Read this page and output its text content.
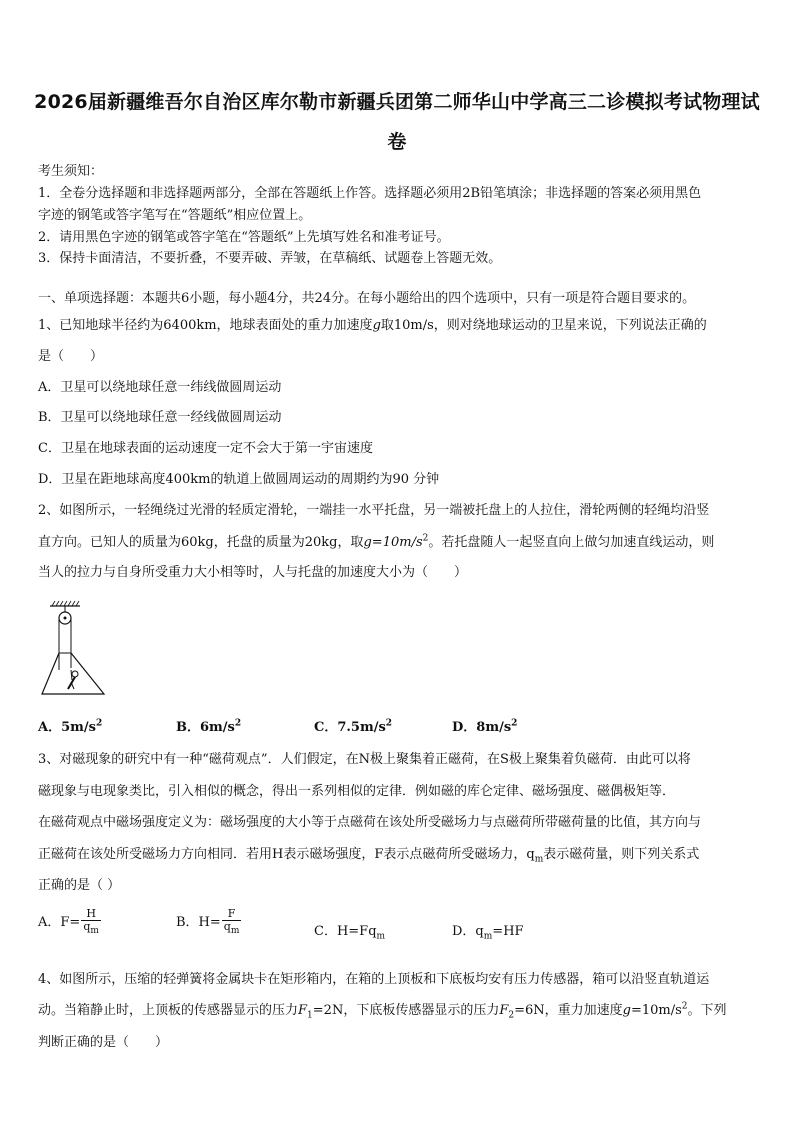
2026届新疆维吾尔自治区库尔勒市新疆兵团第二师华山中学高三二诊模拟考试物理试
卷
考生须知：
1．全卷分选择题和非选择题两部分，全部在答题纸上作答。选择题必须用2B铅笔填涂；非选择题的答案必须用黑色
字迹的钢笔或答字笔写在“答题纸”相应位置上。
2．请用黑色字迹的钢笔或答字笔在“答题纸”上先填写姓名和准考证号。
3．保持卡面清洁，不要折叠，不要弄破、弄皱，在草稿纸、试题卷上答题无效。
一、单项选择题：本题共6小题，每小题4分，共24分。在每小题给出的四个选项中，只有一项是符合题目要求的。
1、已知地球半径约为6400km，地球表面处的重力加速度g取10m/s，则对绕地球运动的卫星来说，下列说法正确的
是（　　）
A．卫星可以绕地球任意一纬线做圆周运动
B．卫星可以绕地球任意一经线做圆周运动
C．卫星在地球表面的运动速度一定不会大于第一宇宙速度
D．卫星在距地球高度400km的轨道上做圆周运动的周期约为90 分钟
2、如图所示，一轻绳绕过光滑的轻质定滑轮，一端挂一水平托盘，另一端被托盘上的人拉住，滑轮两侧的轻绳均沿竖
直方向。已知人的质量为60kg，托盘的质量为20kg，取$g=10m/s^2$。若托盘随人一起竖直向上做匀加速直线运动，则
当人的拉力与自身所受重力大小相等时，人与托盘的加速度大小为（　　）
A．$5m/s^2$	B．$6m/s^2$	C．$7.5m/s^2$	D．$8m/s^2$
3、对磁现象的研究中有一种“磁荷观点”．人们假定，在N极上聚集着正磁荷，在S极上聚集着负磁荷．由此可以将
磁现象与电现象类比，引入相似的概念，得出一系列相似的定律．例如磁的库仑定律、磁场强度、磁偶极矩等．
在磁荷观点中磁场强度定义为：磁场强度的大小等于点磁荷在该处所受磁场力与点磁荷所带磁荷量的比值，其方向与
正磁荷在该处所受磁场力方向相同．若用H表示磁场强度，F表示点磁荷所受磁场力，$q_m$表示磁荷量，则下列关系式
正确的是（ ）
A．$F= \frac{H}{q_m}$	B．$H= \frac{F}{q_m}$	C．$H=Fq_m$	D．$q_m=HF$
4、如图所示，压缩的轻弹簧将金属块卡在矩形箱内，在箱的上顶板和下底板均安有压力传感器，箱可以沿竖直轨道运
动。当箱静止时，上顶板的传感器显示的压力$F_1=2N$，下底板传感器显示的压力$F_2=6N$，重力加速度$g=10m/s^2$。下列
判断正确的是（　　）
